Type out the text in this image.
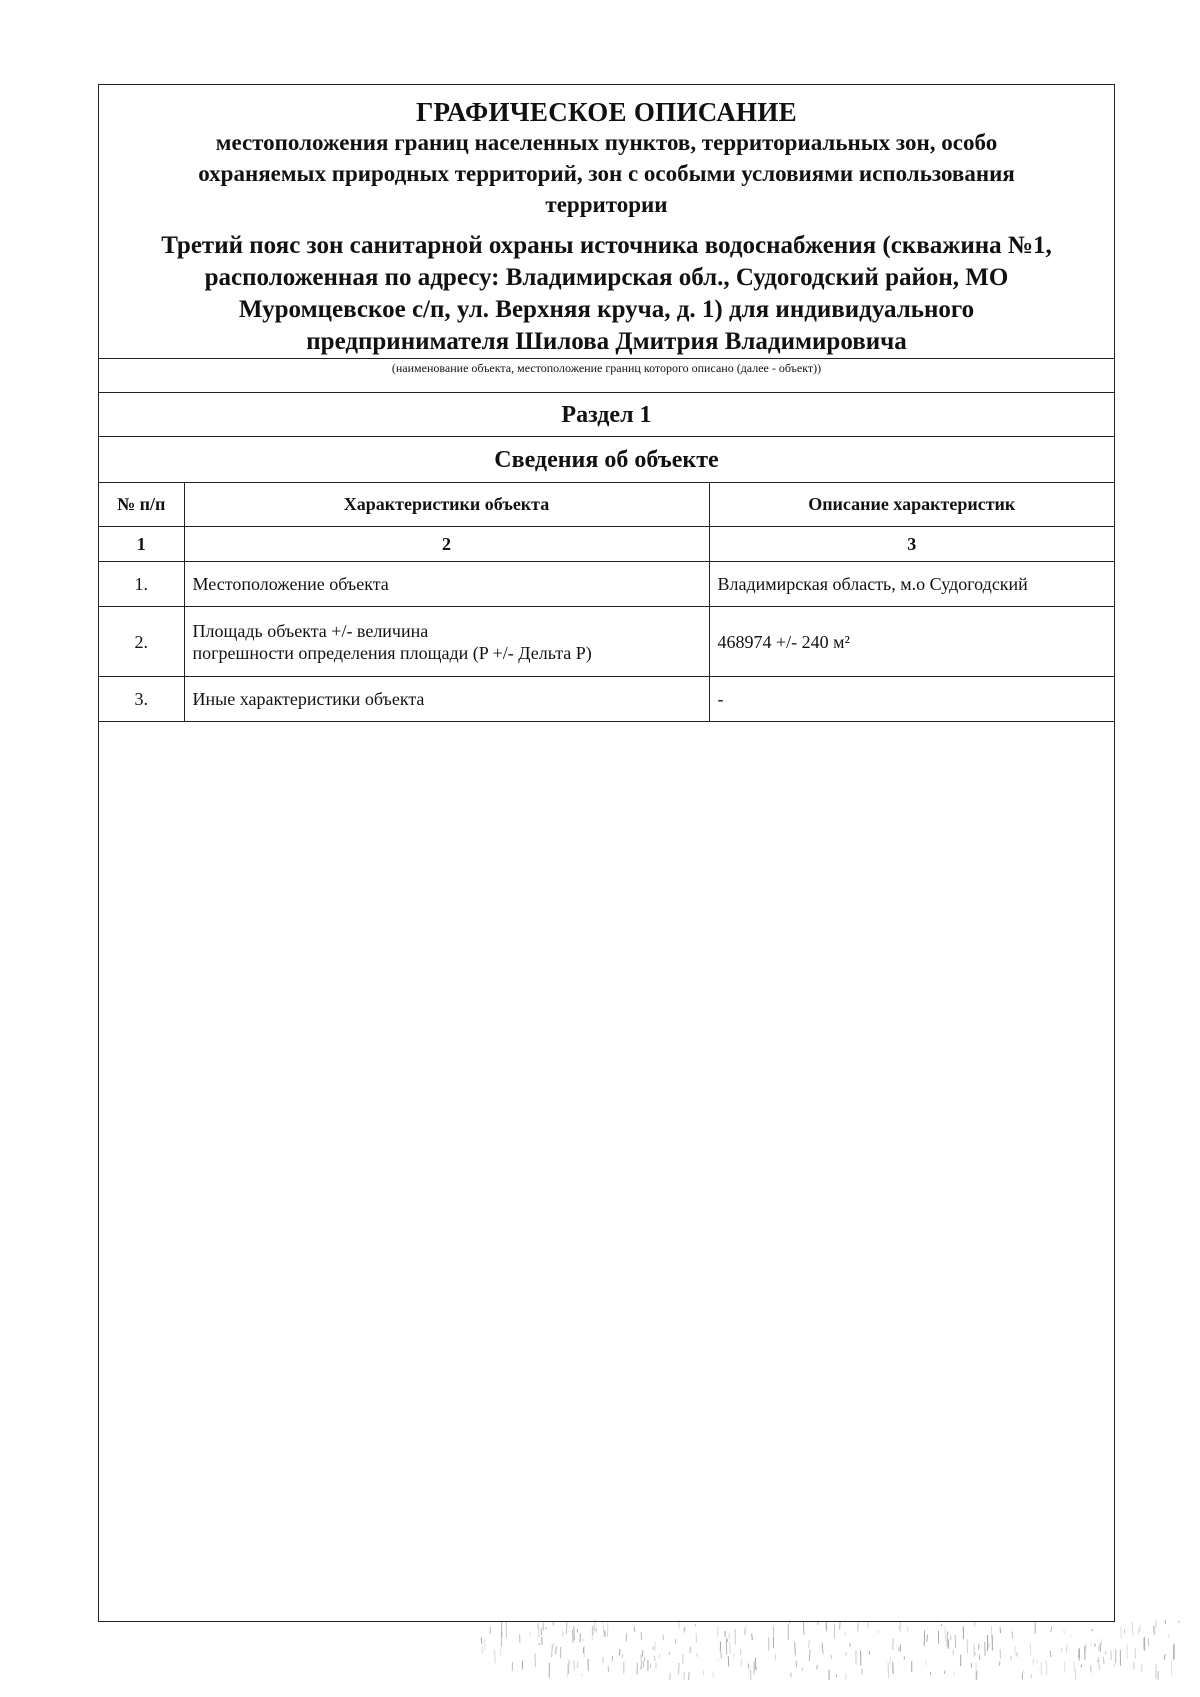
ГРАФИЧЕСКОЕ ОПИСАНИЕ
местоположения границ населенных пунктов, территориальных зон, особо
охраняемых природных территорий, зон с особыми условиями использования
территории
Третий пояс зон санитарной охраны источника водоснабжения (скважина №1,
расположенная по адресу: Владимирская обл., Судогодский район, МО
Муромцевское с/п, ул. Верхняя круча, д. 1) для индивидуального
предпринимателя Шилова Дмитрия Владимировича
(наименование объекта, местоположение границ которого описано (далее - объект))
Раздел 1
Сведения об объекте
№ п/п	Характеристики объекта	Описание характеристик
1	2	3
1.	Местоположение объекта	Владимирская область, м.о Судогодский
2.	Площадь объекта +/- величина
погрешности определения площади (P +/- Дельта P)	468974 +/- 240 м²
3.	Иные характеристики объекта	-
